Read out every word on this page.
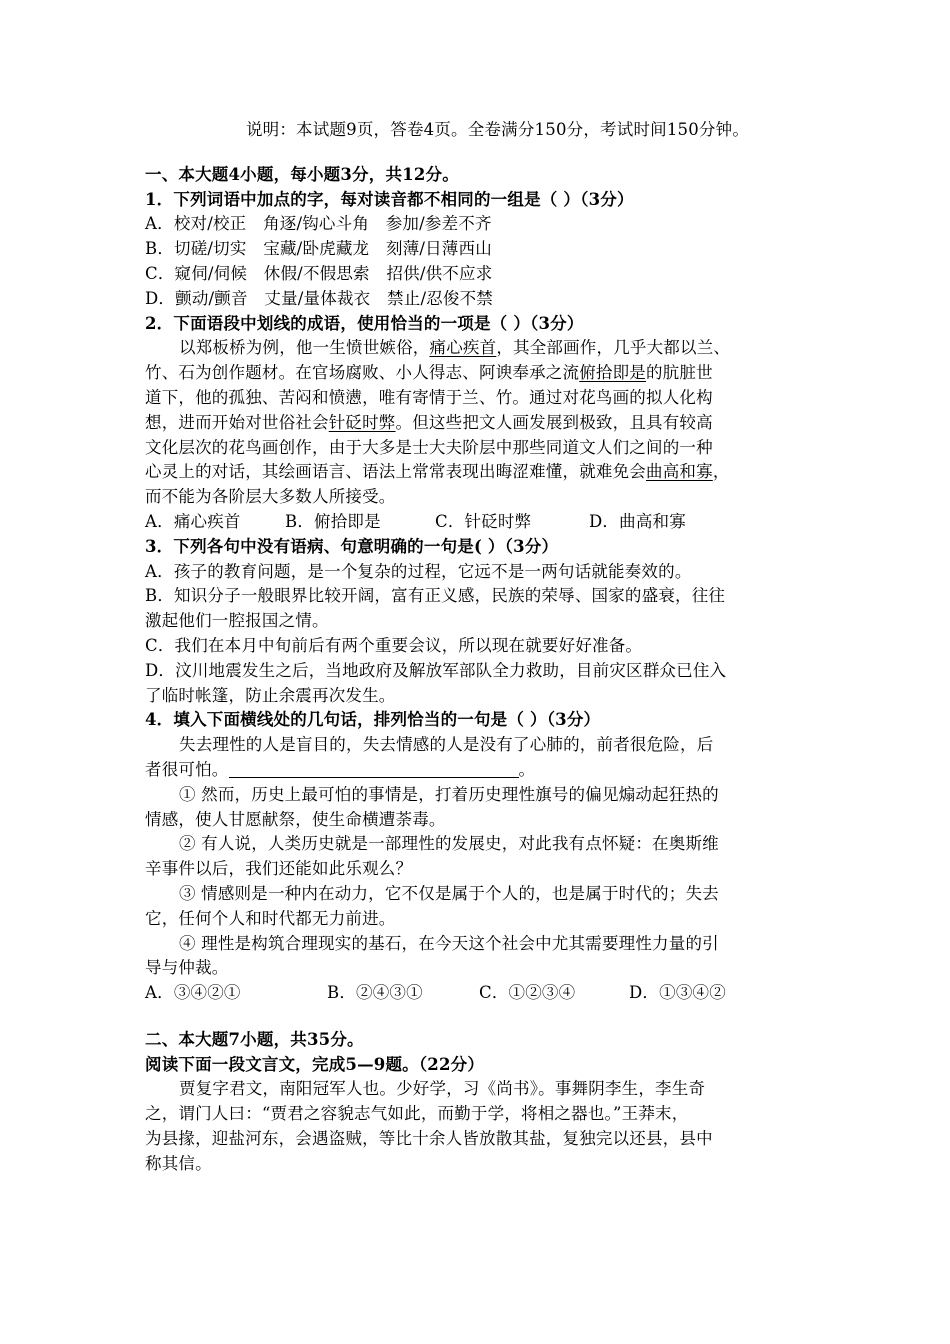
说明：本试题9页，答卷4页。全卷满分150分，考试时间150分钟。
一、本大题4小题，每小题3分，共12分。
1．下列词语中加点的字，每对读音都不相同的一组是（ ）（3分）
A．校对/校正　角逐/钩心斗角　参加/参差不齐
B．切磋/切实　宝藏/卧虎藏龙　刻薄/日薄西山
C．窥伺/伺候　休假/不假思索　招供/供不应求
D．颤动/颤音　丈量/量体裁衣　禁止/忍俊不禁
2．下面语段中划线的成语，使用恰当的一项是（ ）（3分）
以郑板桥为例，他一生愤世嫉俗，痛心疾首，其全部画作，几乎大都以兰、
竹、石为创作题材。在官场腐败、小人得志、阿谀奉承之流俯拾即是的肮脏世
道下，他的孤独、苦闷和愤懑，唯有寄情于兰、竹。通过对花鸟画的拟人化构
想，进而开始对世俗社会针砭时弊。但这些把文人画发展到极致，且具有较高
文化层次的花鸟画创作，由于大多是士大夫阶层中那些同道文人们之间的一种
心灵上的对话，其绘画语言、语法上常常表现出晦涩难懂，就难免会曲高和寡，
而不能为各阶层大多数人所接受。
A．痛心疾首	B．俯拾即是	C．针砭时弊	D．曲高和寡
3．下列各句中没有语病、句意明确的一句是( ）（3分）
A．孩子的教育问题，是一个复杂的过程，它远不是一两句话就能奏效的。
B．知识分子一般眼界比较开阔，富有正义感，民族的荣辱、国家的盛衰，往往
激起他们一腔报国之情。
C．我们在本月中旬前后有两个重要会议，所以现在就要好好准备。
D．汶川地震发生之后，当地政府及解放军部队全力救助，目前灾区群众已住入
了临时帐篷，防止余震再次发生。
4．填入下面横线处的几句话，排列恰当的一句是（ ）（3分）
失去理性的人是盲目的，失去情感的人是没有了心肺的，前者很危险，后
者很可怕。	。
① 然而，历史上最可怕的事情是，打着历史理性旗号的偏见煽动起狂热的
情感，使人甘愿献祭，使生命横遭荼毒。
② 有人说，人类历史就是一部理性的发展史，对此我有点怀疑：在奥斯维
辛事件以后，我们还能如此乐观么？
③ 情感则是一种内在动力，它不仅是属于个人的，也是属于时代的；失去
它，任何个人和时代都无力前进。
④ 理性是构筑合理现实的基石，在今天这个社会中尤其需要理性力量的引
导与仲裁。
A．③④②①	B．②④③①	C．①②③④	D．①③④②
二、本大题7小题，共35分。
阅读下面一段文言文，完成5—9题。（22分）
贾复字君文，南阳冠军人也。少好学，习《尚书》。事舞阴李生，李生奇
之，谓门人曰：“贾君之容貌志气如此，而勤于学，将相之器也。”王莽末，
为县掾，迎盐河东，会遇盗贼，等比十余人皆放散其盐，复独完以还县，县中
称其信。
